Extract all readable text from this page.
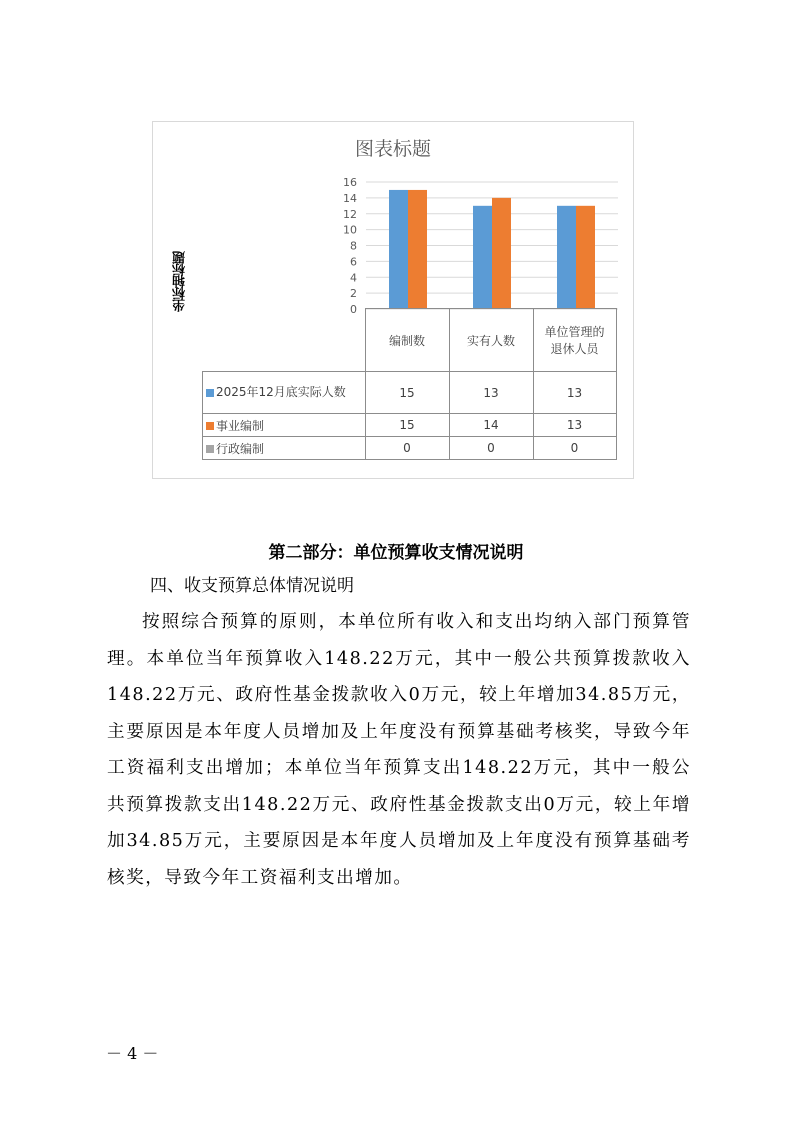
图表标题
坐标轴标题	0
2
4
6
8
10
12
14
16
	编制数	实有人数	单位管理的退休人员
2025年12月底实际人数	15	13	13
事业编制	15	14	13
行政编制	0	0	0
第二部分：单位预算收支情况说明
四、收支预算总体情况说明
按照综合预算的原则，本单位所有收入和支出均纳入部门预算管理。本单位当年预算收入148.22万元，其中一般公共预算拨款收入148.22万元、政府性基金拨款收入0万元，较上年增加34.85万元，主要原因是本年度人员增加及上年度没有预算基础考核奖，导致今年工资福利支出增加；本单位当年预算支出148.22万元，其中一般公共预算拨款支出148.22万元、政府性基金拨款支出0万元，较上年增加34.85万元，主要原因是本年度人员增加及上年度没有预算基础考核奖，导致今年工资福利支出增加。
－ 4 －
